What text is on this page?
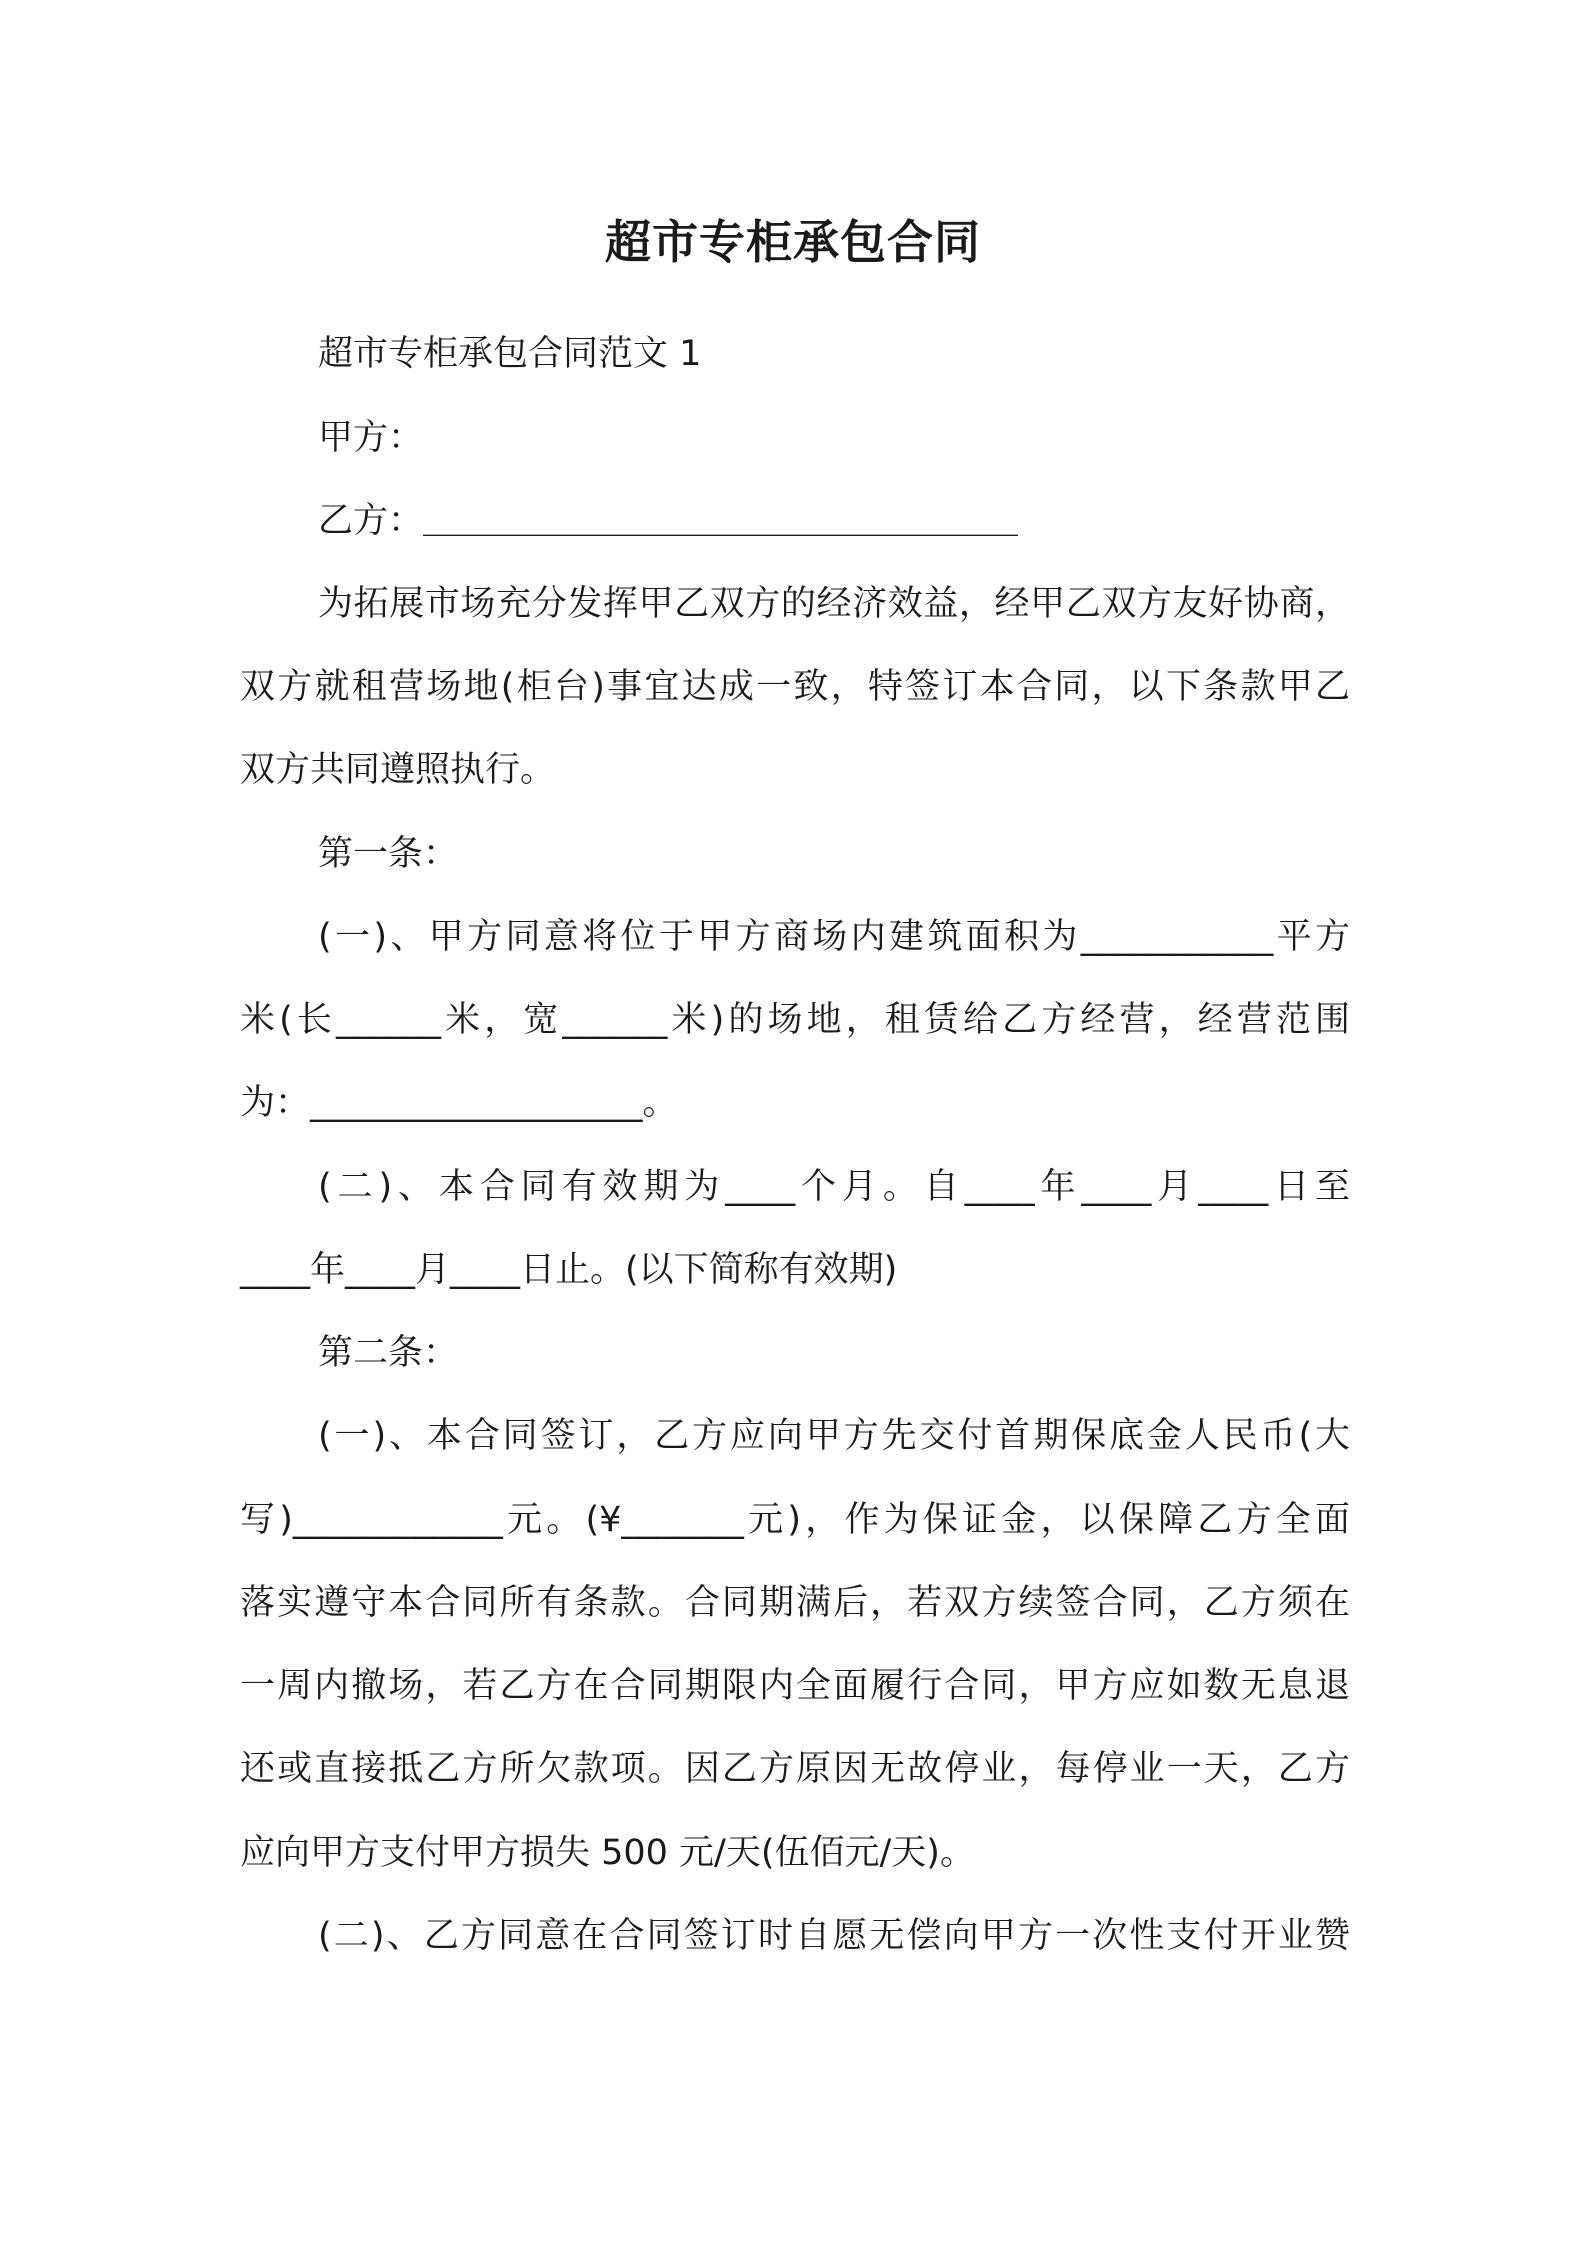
超市专柜承包合同
超市专柜承包合同范文 1
甲方：
乙方：＿＿＿＿＿＿＿＿＿＿＿＿＿＿＿＿＿
为拓展市场充分发挥甲乙双方的经济效益，经甲乙双方友好协商，
双方就租营场地(柜台)事宜达成一致，特签订本合同，以下条款甲乙
双方共同遵照执行。
第一条：
(一)、甲方同意将位于甲方商场内建筑面积为___________平方
米(长______米，宽______米)的场地，租赁给乙方经营，经营范围
为：___________________。
(二)、本合同有效期为____个月。自____年____月____日至
____年____月____日止。(以下简称有效期)
第二条：
(一)、本合同签订，乙方应向甲方先交付首期保底金人民币(大
写)____________元。(¥_______元)，作为保证金，以保障乙方全面
落实遵守本合同所有条款。合同期满后，若双方续签合同，乙方须在
一周内撤场，若乙方在合同期限内全面履行合同，甲方应如数无息退
还或直接抵乙方所欠款项。因乙方原因无故停业，每停业一天，乙方
应向甲方支付甲方损失 500 元/天(伍佰元/天)。
(二)、乙方同意在合同签订时自愿无偿向甲方一次性支付开业赞
